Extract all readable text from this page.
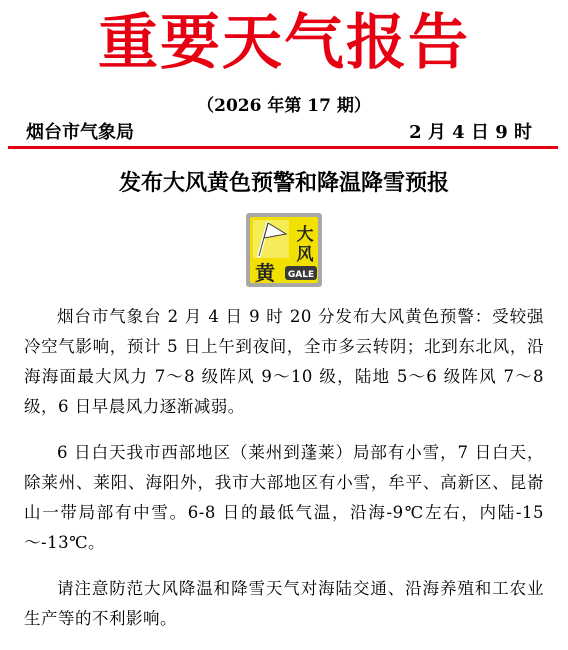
重要天气报告
（2026 年第 17 期）
烟台市气象局	2 月 4 日 9 时
发布大风黄色预警和降温降雪预报
大
风
黄 GALE

烟台市气象台 2 月 4 日 9 时 20 分发布大风黄色预警：受较强冷空气影响，预计 5 日上午到夜间，全市多云转阴；北到东北风，沿海海面最大风力 7～8 级阵风 9～10 级，陆地 5～6 级阵风 7～8 级，6 日早晨风力逐渐减弱。

6 日白天我市西部地区（莱州到蓬莱）局部有小雪，7 日白天，除莱州、莱阳、海阳外，我市大部地区有小雪，牟平、高新区、昆嵛山一带局部有中雪。6-8 日的最低气温，沿海-9℃左右，内陆-15～-13℃。

请注意防范大风降温和降雪天气对海陆交通、沿海养殖和工农业生产等的不利影响。
